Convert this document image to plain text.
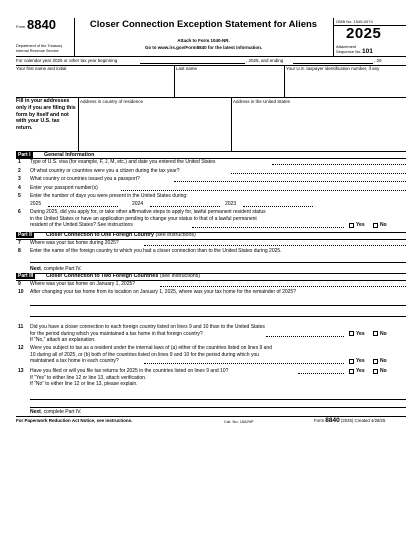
Form 8840
Department of the Treasury
Internal Revenue Service
Closer Connection Exception Statement for Aliens
Attach to Form 1040-NR.
Go to www.irs.gov/Form8840 for the latest information.
OMB No. 1545-0074
2025
Attachment
Sequence No. 101
For calendar year 2025 or other tax year beginning	, 2025, and ending	, 20
Your first name and initial	Last name	Your U.S. taxpayer identification number, if any
Fill in your addresses only if you are filing this form by itself and not with your U.S. tax return.
Address in country of residence	Address in the United States
Part I	General Information
1 Type of U.S. visa (for example, F, J, M, etc.) and date you entered the United States
2 Of what country or countries were you a citizen during the tax year?
3 What country or countries issued you a passport?
4 Enter your passport number(s)
5 Enter the number of days you were present in the United States during:
2025	2024	2023
6 During 2025, did you apply for, or take other affirmative steps to apply for, lawful permanent resident status
in the United States or have an application pending to change your status to that of a lawful permanent
resident of the United States? See instructions	Yes	No
Part II	Closer Connection to One Foreign Country (see instructions)
7 Where was your tax home during 2025?
8 Enter the name of the foreign country to which you had a closer connection than to the United States during 2025.
Next, complete Part IV.
Part III	Closer Connection to Two Foreign Countries (see instructions)
9 Where was your tax home on January 1, 2025?
10 After changing your tax home from its location on January 1, 2025, where was your tax home for the remainder of 2025?
11 Did you have a closer connection to each foreign country listed on lines 9 and 10 than to the United States
for the period during which you maintained a tax home in that foreign country?
If “No,” attach an explanation.
Yes	No
12 Were you subject to tax as a resident under the internal laws of (a) either of the countries listed on lines 9 and
10 during all of 2025, or (b) both of the countries listed on lines 9 and 10 for the period during which you
maintained a tax home in each country?	Yes	No
13 Have you filed or will you file tax returns for 2025 in the countries listed on lines 9 and 10?
If “Yes” to either line 12 or line 13, attach verification.
If “No” to either line 12 or line 13, please explain.
Yes	No
Next, complete Part IV.
For Paperwork Reduction Act Notice, see instructions.	Cat. No. 15829P	Form 8840 (2025) Created 4/28/25
